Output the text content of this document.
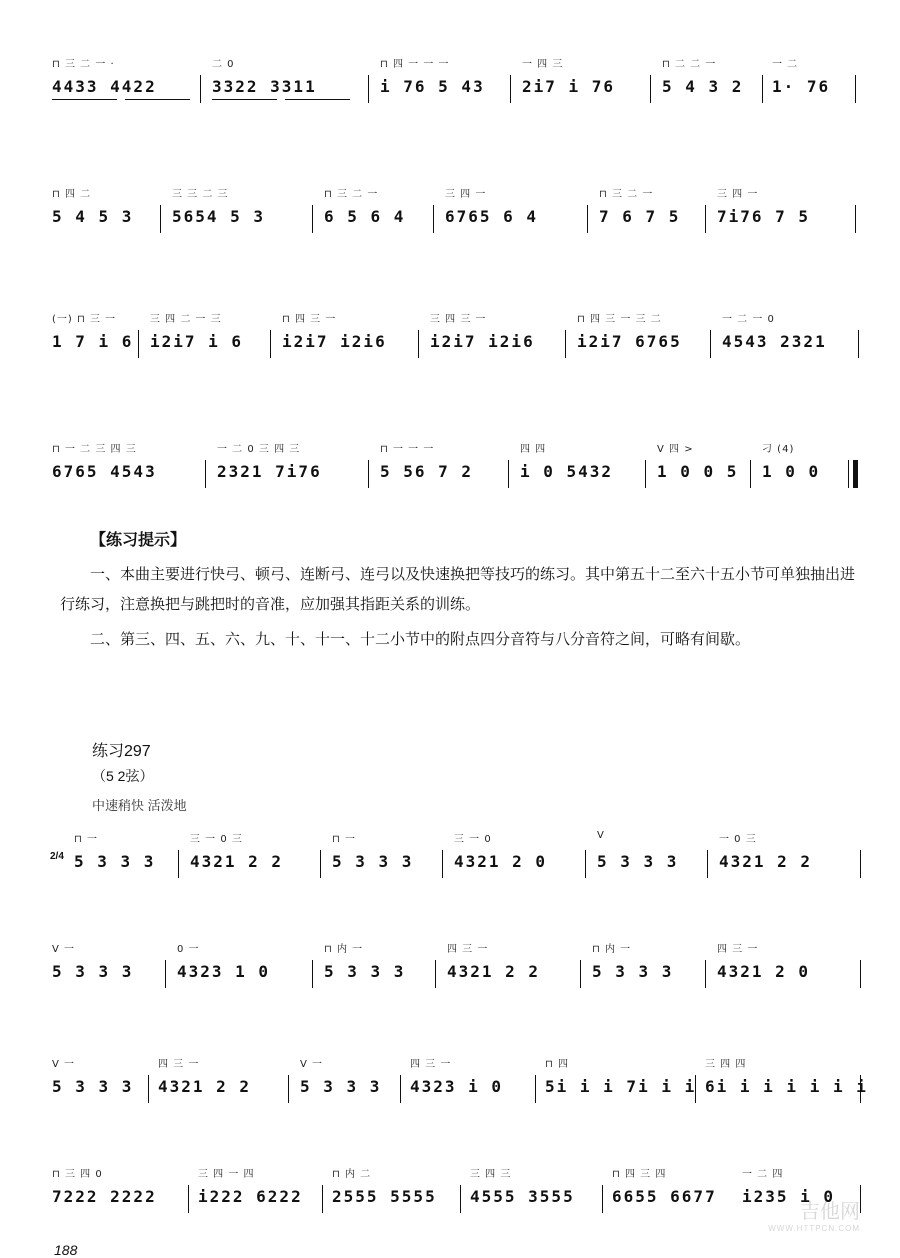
⊓ 三 二 一 ·
4433 4422
二 0
3322 3311
⊓ 四 一 一 一
i 76 5 43
一 四 三
2i7 i 76
⊓ 二 二 一
5 4 3 2
一 二
1· 76
⊓ 四 二
5 4 5 3
三 三 二 三
5654 5 3
⊓ 三 二 一
6 5 6 4
三 四 一
6765 6 4
⊓ 三 二 一
7 6 7 5
三 四 一
7i76 7 5
(一) ⊓ 三 一
1 7 i 6
三 四 二 一 三
i2i7 i 6
⊓ 四 三 一
i2i7 i2i6
三 四 三 一
i2i7 i2i6
⊓ 四 三 一 三 二
i2i7 6765
一 二 一 0
4543 2321
⊓ 一 二 三 四 三
6765 4543
一 二 0 三 四 三
2321 7i76
⊓ 一 一 一
5 56 7 2
四 四
i 0 5432
V 四 >
1 0 0 5
刁 (4)
1 0 0
【练习提示】
一、本曲主要进行快弓、顿弓、连断弓、连弓以及快速换把等技巧的练习。其中第五十二至六十五小节可单独抽出进行练习，注意换把与跳把时的音准，应加强其指距关系的训练。
二、第三、四、五、六、九、十、十一、十二小节中的附点四分音符与八分音符之间，可略有间歇。
练习297
（5 2弦）
中速稍快 活泼地
2/4
⊓ 一
5 3 3 3
三 一 0 三
4321 2 2
⊓ 一
5 3 3 3
三 一 0
4321 2 0
V
5 3 3 3
一 0 三
4321 2 2
V 一
5 3 3 3
0 一
4323 1 0
⊓ 内 一
5 3 3 3
四 三 一
4321 2 2
⊓ 内 一
5 3 3 3
四 三 一
4321 2 0
V 一
5 3 3 3
四 三 一
4321 2 2
V 一
5 3 3 3
四 三 一
4323 i 0
⊓ 四
5i i i 7i i i
三 四 四
6i i i i i i i
⊓ 三 四 0
7222 2222
三 四 一 四
i222 6222
⊓ 内 二
2555 5555
三 四 三
4555 3555
⊓ 四 三 四
6655 6677
一 二 四
i235 i 0
188
吉他网
WWW.HTTPCN.COM
